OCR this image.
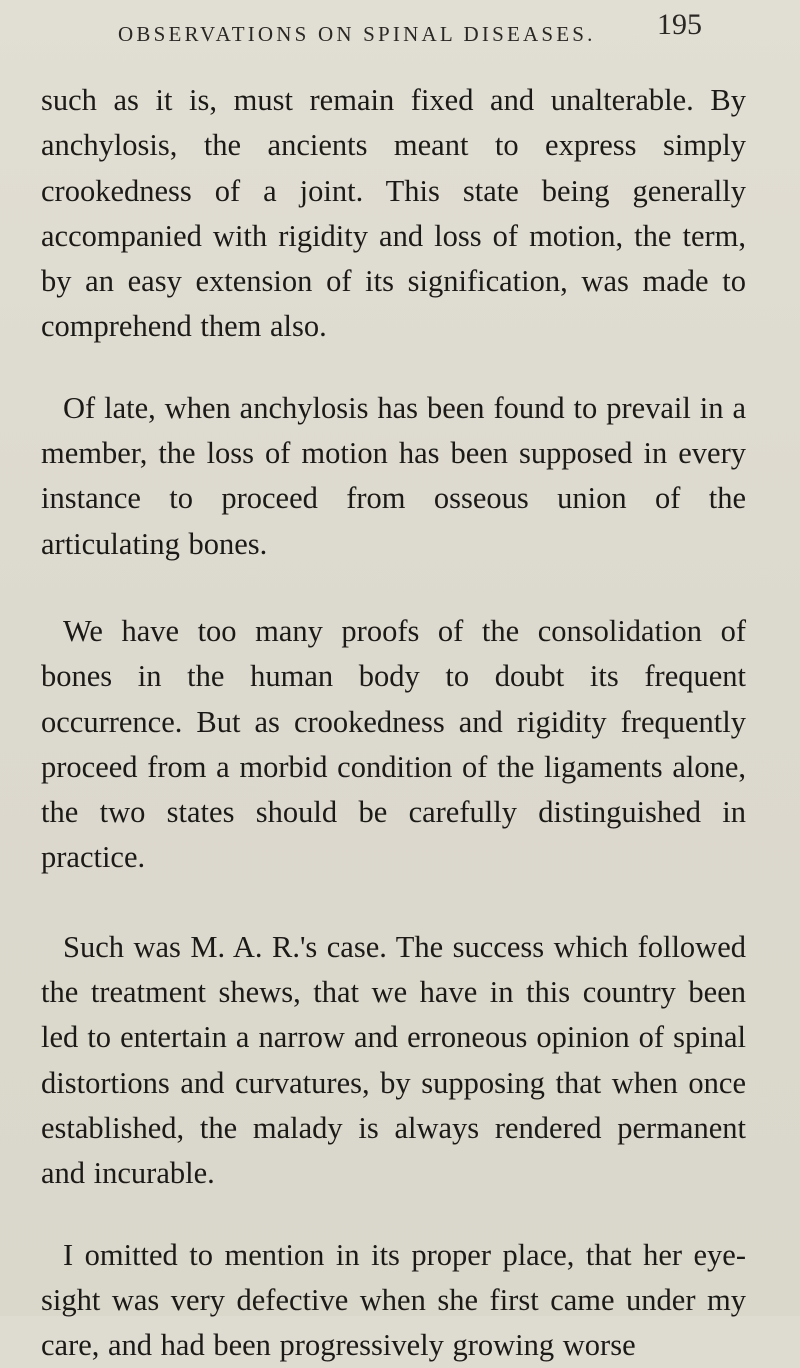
OBSERVATIONS ON SPINAL DISEASES. 195

such as it is, must remain fixed and unalterable. By anchylosis, the ancients meant to express simply crookedness of a joint. This state being generally accompanied with rigidity and loss of motion, the term, by an easy extension of its signification, was made to comprehend them also.

Of late, when anchylosis has been found to prevail in a member, the loss of motion has been supposed in every instance to proceed from osseous union of the articulating bones.

We have too many proofs of the consolidation of bones in the human body to doubt its frequent occurrence. But as crookedness and rigidity frequently proceed from a morbid condition of the ligaments alone, the two states should be carefully distinguished in practice.

Such was M. A. R.'s case. The success which followed the treatment shews, that we have in this country been led to entertain a narrow and erroneous opinion of spinal distortions and curvatures, by supposing that when once established, the malady is always rendered permanent and incurable.

I omitted to mention in its proper place, that her eye-sight was very defective when she first came under my care, and had been progressively growing worse
